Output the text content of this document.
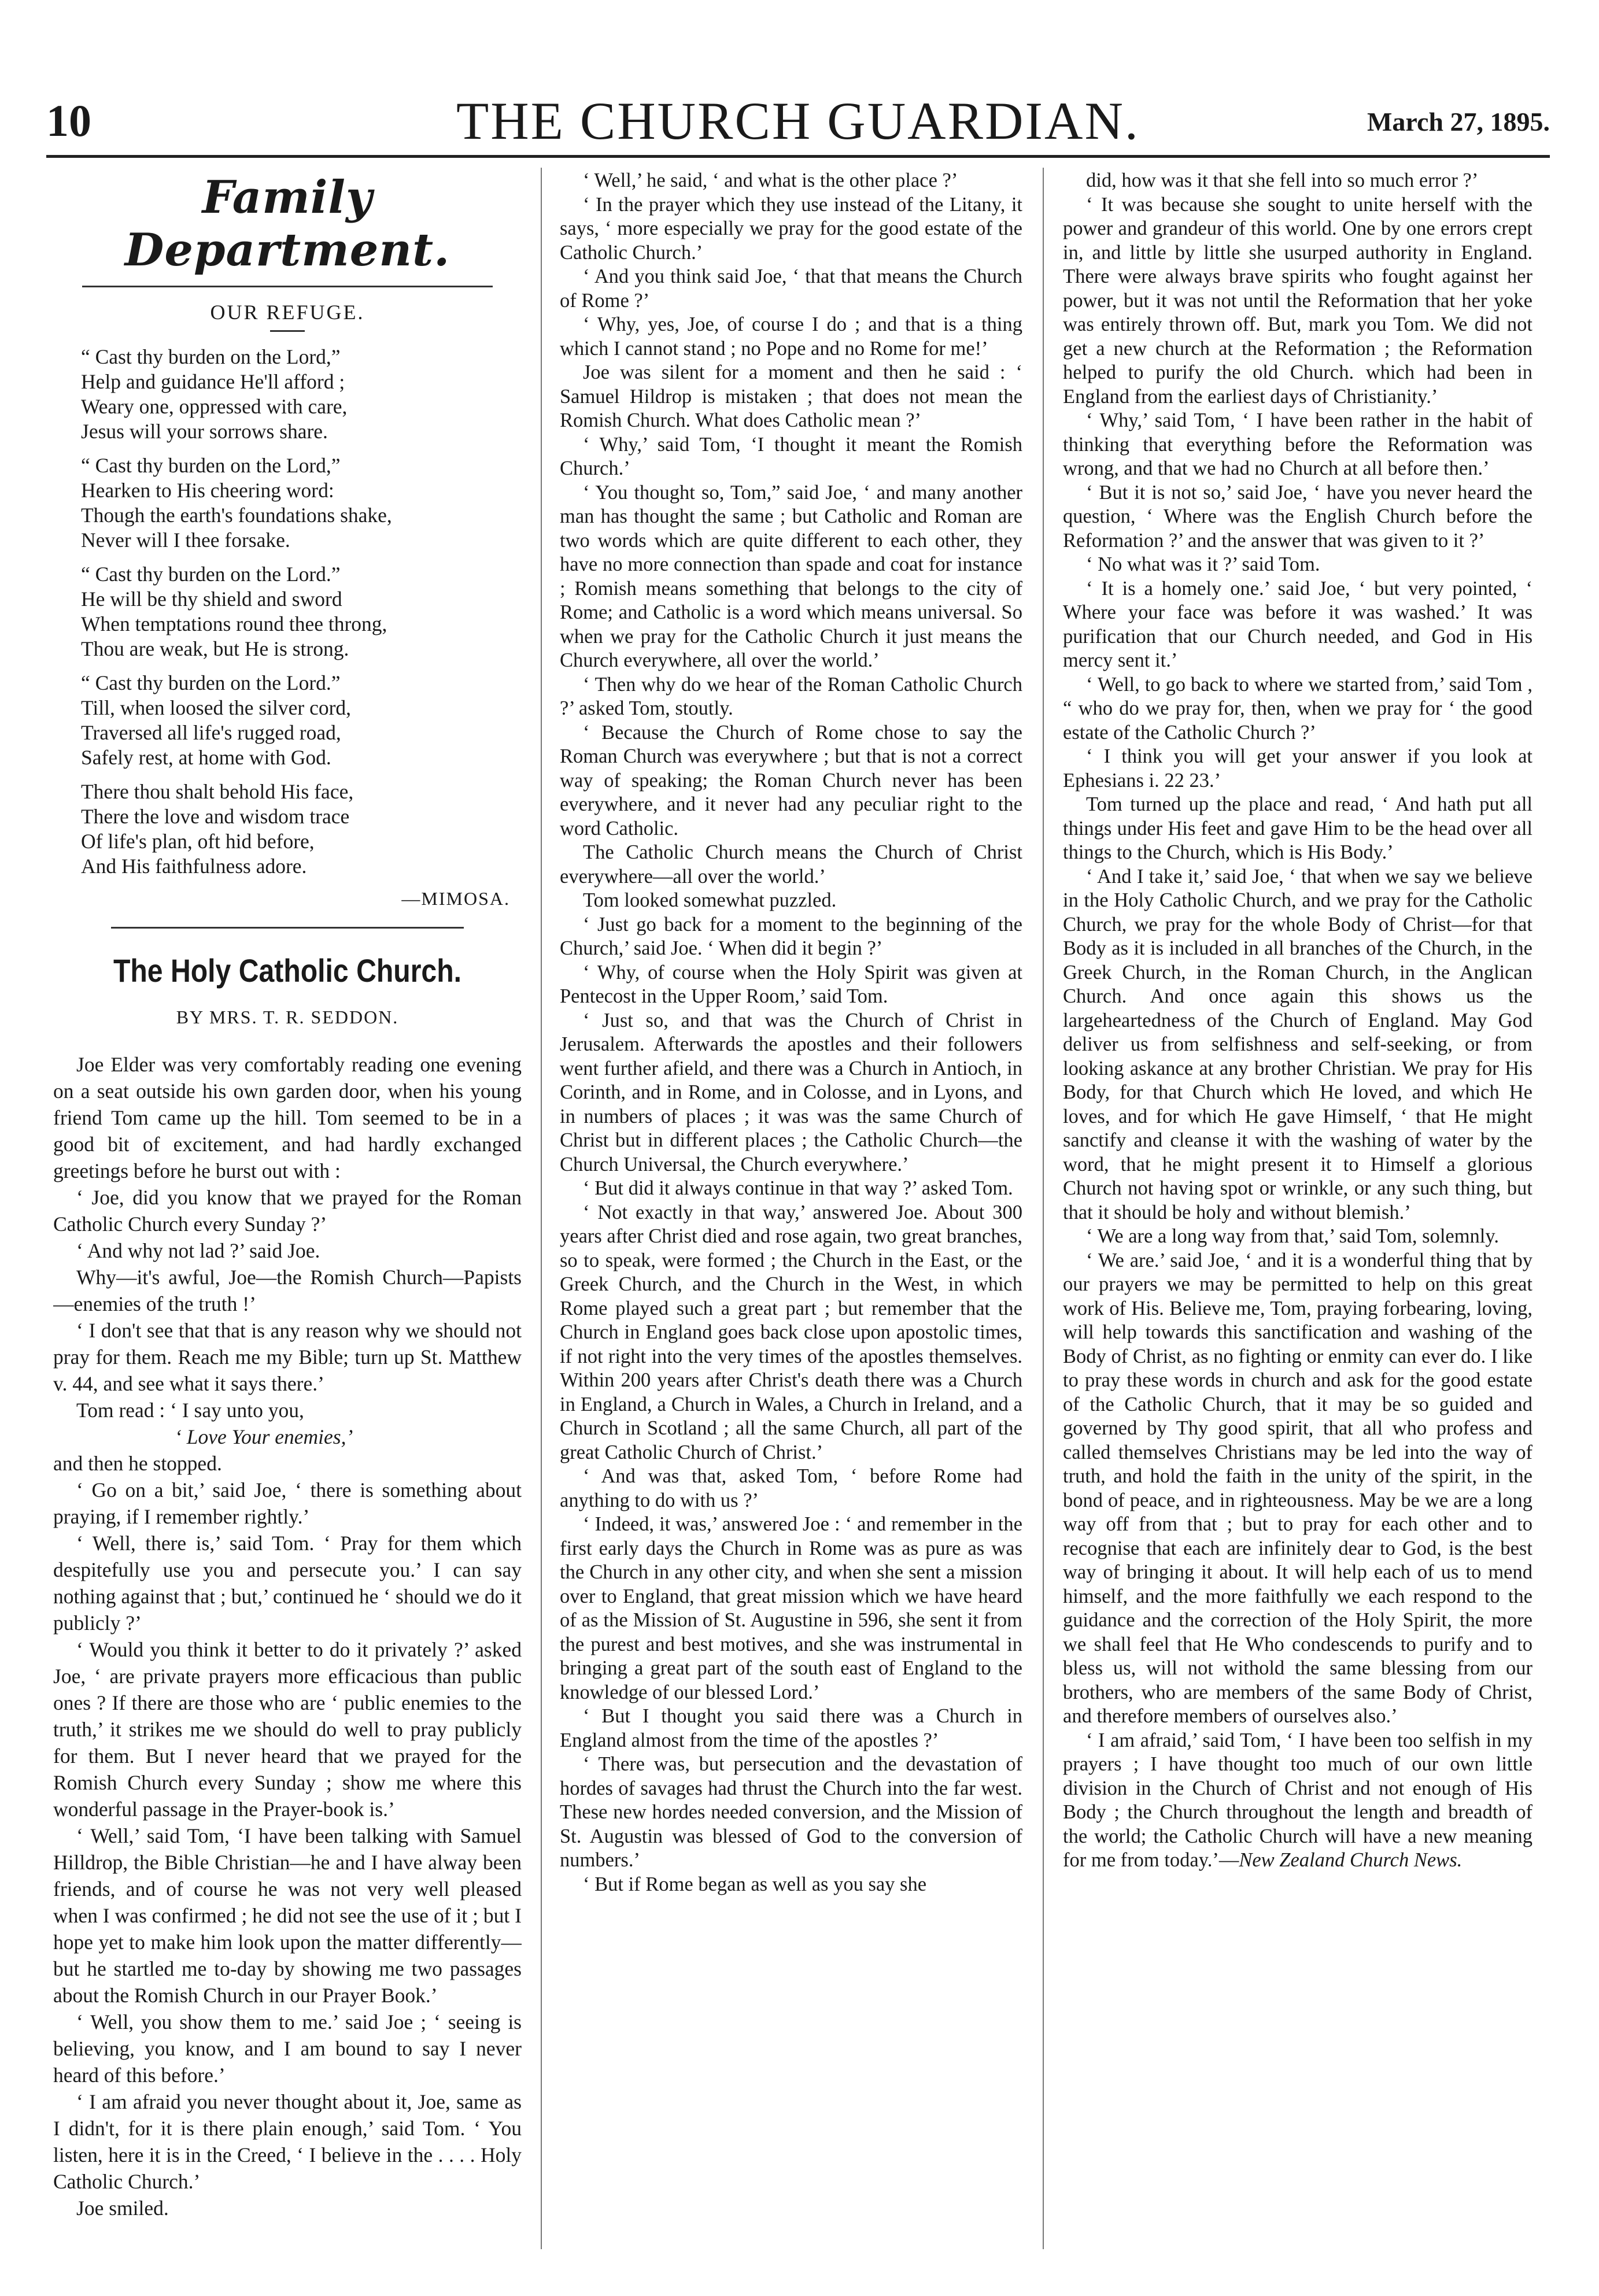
10	THE CHURCH GUARDIAN.	March 27, 1895.
Family Department.
OUR REFUGE.
“ Cast thy burden on the Lord,”
Help and guidance He'll afford ;
Weary one, oppressed with care,
Jesus will your sorrows share.
“ Cast thy burden on the Lord,”
Hearken to His cheering word:
Though the earth's foundations shake,
Never will I thee forsake.
“ Cast thy burden on the Lord.”
He will be thy shield and sword
When temptations round thee throng,
Thou are weak, but He is strong.
“ Cast thy burden on the Lord.”
Till, when loosed the silver cord,
Traversed all life's rugged road,
Safely rest, at home with God.
There thou shalt behold His face,
There the love and wisdom trace
Of life's plan, oft hid before,
And His faithfulness adore.
—MIMOSA.
The Holy Catholic Church.
BY MRS. T. R. SEDDON.

Joe Elder was very comfortably reading one evening on a seat outside his own garden door, when his young friend Tom came up the hill. Tom seemed to be in a good bit of excitement, and had hardly exchanged greetings before he burst out with :

‘ Joe, did you know that we prayed for the Roman Catholic Church every Sunday ?’

‘ And why not lad ?’ said Joe.

Why—it's awful, Joe—the Romish Church—Papists—enemies of the truth !’

‘ I don't see that that is any reason why we should not pray for them. Reach me my Bible; turn up St. Matthew v. 44, and see what it says there.’

Tom read : ‘ I say unto you,

‘ Love Your enemies,’

and then he stopped.

‘ Go on a bit,’ said Joe, ‘ there is something about praying, if I remember rightly.’

‘ Well, there is,’ said Tom. ‘ Pray for them which despitefully use you and persecute you.’ I can say nothing against that ; but,’ continued he ‘ should we do it publicly ?’

‘ Would you think it better to do it privately ?’ asked Joe, ‘ are private prayers more efficacious than public ones ? If there are those who are ‘ public enemies to the truth,’ it strikes me we should do well to pray publicly for them. But I never heard that we prayed for the Romish Church every Sunday ; show me where this wonderful passage in the Prayer-book is.’

‘ Well,’ said Tom, ‘I have been talking with Samuel Hilldrop, the Bible Christian—he and I have alway been friends, and of course he was not very well pleased when I was confirmed ; he did not see the use of it ; but I hope yet to make him look upon the matter differently—but he startled me to-day by showing me two passages about the Romish Church in our Prayer Book.’

‘ Well, you show them to me.’ said Joe ; ‘ seeing is believing, you know, and I am bound to say I never heard of this before.’

‘ I am afraid you never thought about it, Joe, same as I didn't, for it is there plain enough,’ said Tom. ‘ You listen, here it is in the Creed, ‘ I believe in the . . . . Holy Catholic Church.’

Joe smiled.

‘ Well,’ he said, ‘ and what is the other place ?’

‘ In the prayer which they use instead of the Litany, it says, ‘ more especially we pray for the good estate of the Catholic Church.’

‘ And you think said Joe, ‘ that that means the Church of Rome ?’

‘ Why, yes, Joe, of course I do ; and that is a thing which I cannot stand ; no Pope and no Rome for me!’

Joe was silent for a moment and then he said : ‘ Samuel Hildrop is mistaken ; that does not mean the Romish Church. What does Catholic mean ?’

‘ Why,’ said Tom, ‘I thought it meant the Romish Church.’

‘ You thought so, Tom,” said Joe, ‘ and many another man has thought the same ; but Catholic and Roman are two words which are quite different to each other, they have no more connection than spade and coat for instance ; Romish means something that belongs to the city of Rome; and Catholic is a word which means universal. So when we pray for the Catholic Church it just means the Church everywhere, all over the world.’

‘ Then why do we hear of the Roman Catholic Church ?’ asked Tom, stoutly.

‘ Because the Church of Rome chose to say the Roman Church was everywhere ; but that is not a correct way of speaking; the Roman Church never has been everywhere, and it never had any peculiar right to the word Catholic.

The Catholic Church means the Church of Christ everywhere—all over the world.’

Tom looked somewhat puzzled.

‘ Just go back for a moment to the beginning of the Church,’ said Joe. ‘ When did it begin ?’

‘ Why, of course when the Holy Spirit was given at Pentecost in the Upper Room,’ said Tom.

‘ Just so, and that was the Church of Christ in Jerusalem. Afterwards the apostles and their followers went further afield, and there was a Church in Antioch, in Corinth, and in Rome, and in Colosse, and in Lyons, and in numbers of places ; it was was the same Church of Christ but in different places ; the Catholic Church—the Church Universal, the Church everywhere.’

‘ But did it always continue in that way ?’ asked Tom.

‘ Not exactly in that way,’ answered Joe. About 300 years after Christ died and rose again, two great branches, so to speak, were formed ; the Church in the East, or the Greek Church, and the Church in the West, in which Rome played such a great part ; but remember that the Church in England goes back close upon apostolic times, if not right into the very times of the apostles themselves. Within 200 years after Christ's death there was a Church in England, a Church in Wales, a Church in Ireland, and a Church in Scotland ; all the same Church, all part of the great Catholic Church of Christ.’

‘ And was that, asked Tom, ‘ before Rome had anything to do with us ?’

‘ Indeed, it was,’ answered Joe : ‘ and remember in the first early days the Church in Rome was as pure as was the Church in any other city, and when she sent a mission over to England, that great mission which we have heard of as the Mission of St. Augustine in 596, she sent it from the purest and best motives, and she was instrumental in bringing a great part of the south east of England to the knowledge of our blessed Lord.’

‘ But I thought you said there was a Church in England almost from the time of the apostles ?’

‘ There was, but persecution and the devastation of hordes of savages had thrust the Church into the far west. These new hordes needed conversion, and the Mission of St. Augustin was blessed of God to the conversion of numbers.’

‘ But if Rome began as well as you say she

did, how was it that she fell into so much error ?’

‘ It was because she sought to unite herself with the power and grandeur of this world. One by one errors crept in, and little by little she usurped authority in England. There were always brave spirits who fought against her power, but it was not until the Reformation that her yoke was entirely thrown off. But, mark you Tom. We did not get a new church at the Reformation ; the Reformation helped to purify the old Church. which had been in England from the earliest days of Christianity.’

‘ Why,’ said Tom, ‘ I have been rather in the habit of thinking that everything before the Reformation was wrong, and that we had no Church at all before then.’

‘ But it is not so,’ said Joe, ‘ have you never heard the question, ‘ Where was the English Church before the Reformation ?’ and the answer that was given to it ?’

‘ No what was it ?’ said Tom.

‘ It is a homely one.’ said Joe, ‘ but very pointed, ‘ Where your face was before it was washed.’ It was purification that our Church needed, and God in His mercy sent it.’

‘ Well, to go back to where we started from,’ said Tom , “ who do we pray for, then, when we pray for ‘ the good estate of the Catholic Church ?’

‘ I think you will get your answer if you look at Ephesians i. 22 23.’

Tom turned up the place and read, ‘ And hath put all things under His feet and gave Him to be the head over all things to the Church, which is His Body.’

‘ And I take it,’ said Joe, ‘ that when we say we believe in the Holy Catholic Church, and we pray for the Catholic Church, we pray for the whole Body of Christ—for that Body as it is included in all branches of the Church, in the Greek Church, in the Roman Church, in the Anglican Church. And once again this shows us the largeheartedness of the Church of England. May God deliver us from selfishness and self-seeking, or from looking askance at any brother Christian. We pray for His Body, for that Church which He loved, and which He loves, and for which He gave Himself, ‘ that He might sanctify and cleanse it with the washing of water by the word, that he might present it to Himself a glorious Church not having spot or wrinkle, or any such thing, but that it should be holy and without blemish.’

‘ We are a long way from that,’ said Tom, solemnly.

‘ We are.’ said Joe, ‘ and it is a wonderful thing that by our prayers we may be permitted to help on this great work of His. Believe me, Tom, praying forbearing, loving, will help towards this sanctification and washing of the Body of Christ, as no fighting or enmity can ever do. I like to pray these words in church and ask for the good estate of the Catholic Church, that it may be so guided and governed by Thy good spirit, that all who profess and called themselves Christians may be led into the way of truth, and hold the faith in the unity of the spirit, in the bond of peace, and in righteousness. May be we are a long way off from that ; but to pray for each other and to recognise that each are infinitely dear to God, is the best way of bringing it about. It will help each of us to mend himself, and the more faithfully we each respond to the guidance and the correction of the Holy Spirit, the more we shall feel that He Who condescends to purify and to bless us, will not withold the same blessing from our brothers, who are members of the same Body of Christ, and therefore members of ourselves also.’

‘ I am afraid,’ said Tom, ‘ I have been too selfish in my prayers ; I have thought too much of our own little division in the Church of Christ and not enough of His Body ; the Church throughout the length and breadth of the world; the Catholic Church will have a new meaning for me from today.’—New Zealand Church News.
